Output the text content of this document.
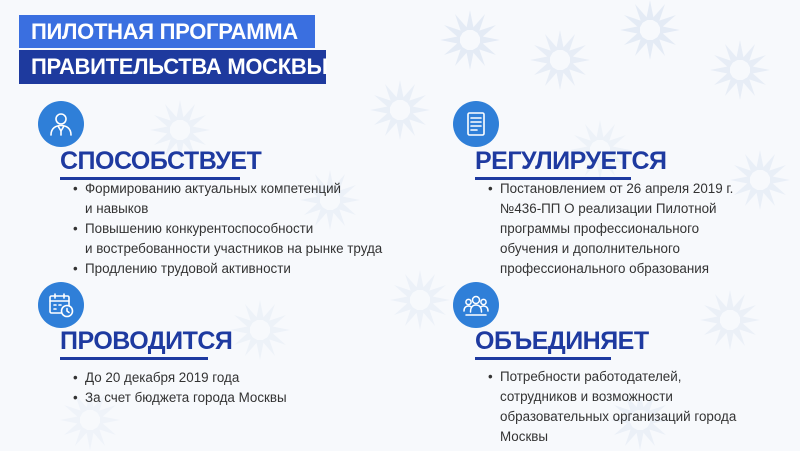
ПИЛОТНАЯ ПРОГРАММА
ПРАВИТЕЛЬСТВА МОСКВЫ
СПОСОБСТВУЕТ
• Формированию актуальных компетенций
и навыков
• Повышению конкурентоспособности
и востребованности участников на рынке труда
• Продлению трудовой активности
РЕГУЛИРУЕТСЯ
• Постановлением от 26 апреля 2019 г.
№436-ПП О реализации Пилотной
программы профессионального
обучения и дополнительного
профессионального образования
ПРОВОДИТСЯ
• До 20 декабря 2019 года
• За счет бюджета города Москвы
ОБЪЕДИНЯЕТ
• Потребности работодателей,
сотрудников и возможности
образовательных организаций города
Москвы
